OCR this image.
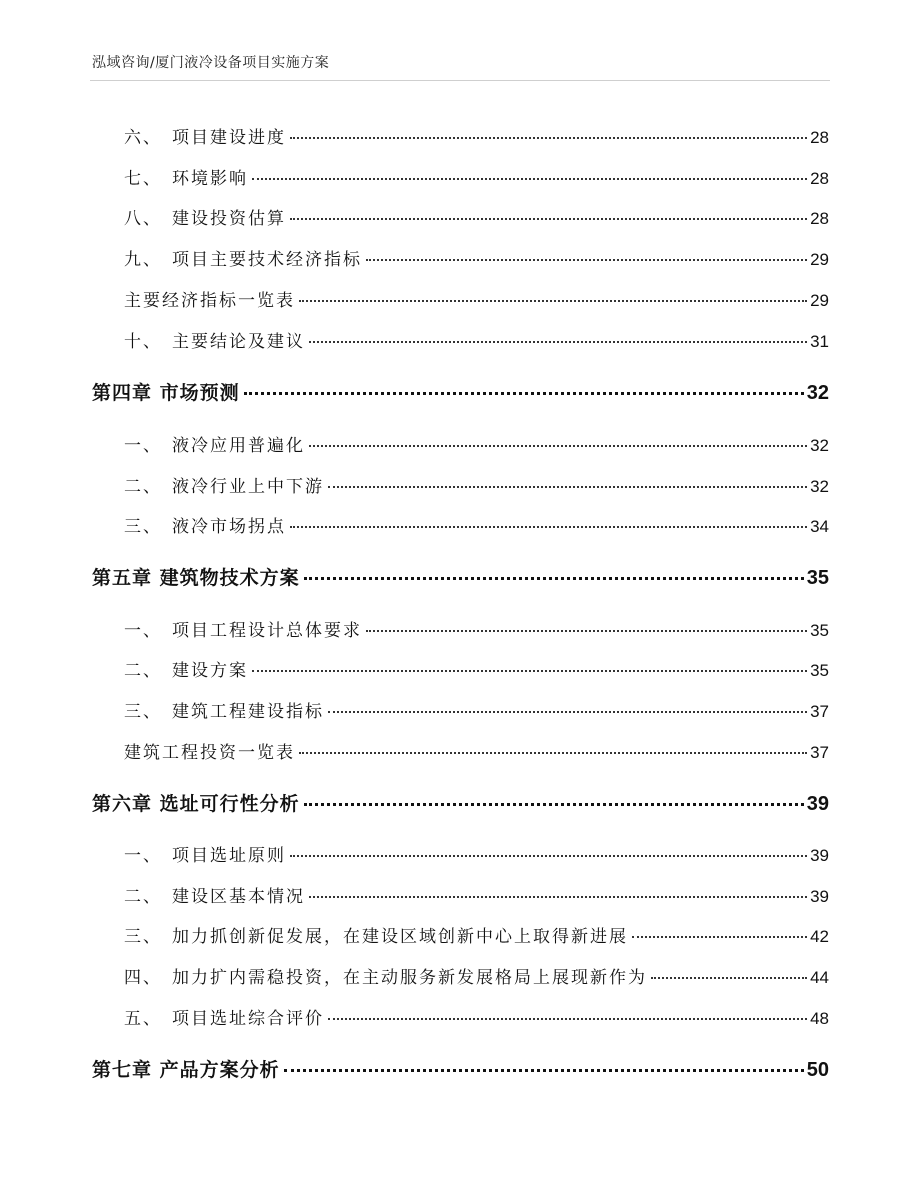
泓域咨询/厦门液冷设备项目实施方案
六、 项目建设进度	28
七、 环境影响	28
八、 建设投资估算	28
九、 项目主要技术经济指标	29
主要经济指标一览表	29
十、 主要结论及建议	31
第四章 市场预测	32
一、 液冷应用普遍化	32
二、 液冷行业上中下游	32
三、 液冷市场拐点	34
第五章 建筑物技术方案	35
一、 项目工程设计总体要求	35
二、 建设方案	35
三、 建筑工程建设指标	37
建筑工程投资一览表	37
第六章 选址可行性分析	39
一、 项目选址原则	39
二、 建设区基本情况	39
三、 加力抓创新促发展，在建设区域创新中心上取得新进展	42
四、 加力扩内需稳投资，在主动服务新发展格局上展现新作为	44
五、 项目选址综合评价	48
第七章 产品方案分析	50
